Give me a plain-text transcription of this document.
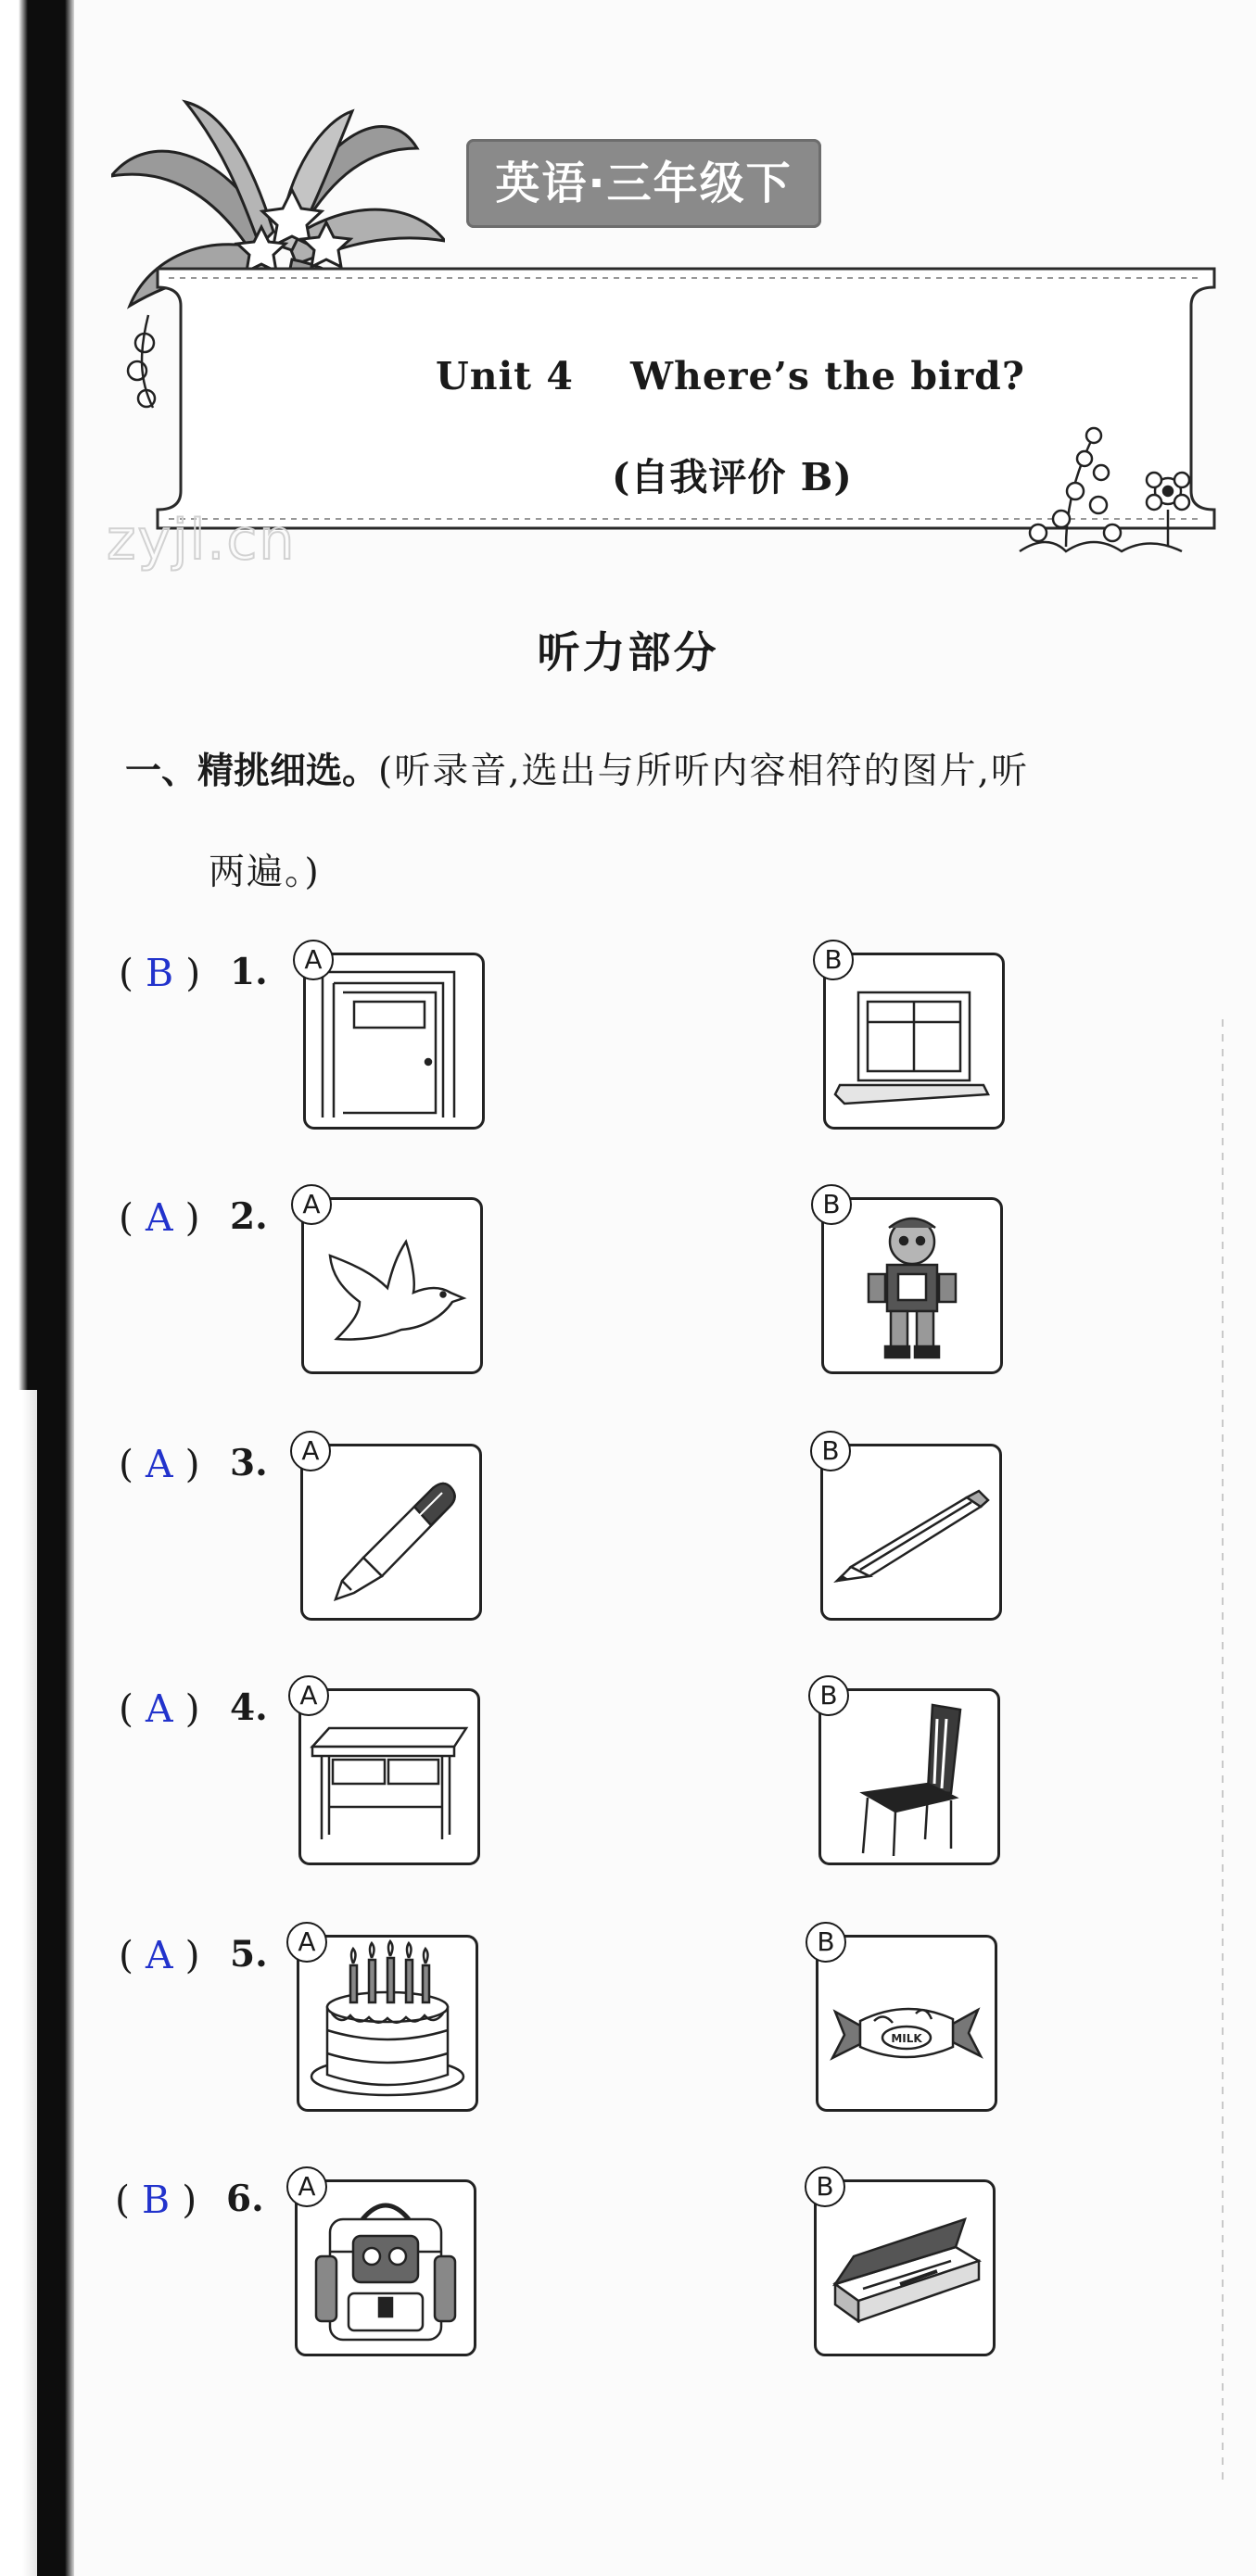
英语·三年级下
Unit 4    Where’s the bird?
(自我评价 B)
zyjl.cn
听力部分
一、精挑细选。(听录音,选出与所听内容相符的图片,听
两遍。)
( B ) 1.	A	B
( A ) 2.	A	B
( A ) 3.	A	B
( A ) 4.	A	B
( A ) 5.	A	B
MILK
( B ) 6.	A	B
